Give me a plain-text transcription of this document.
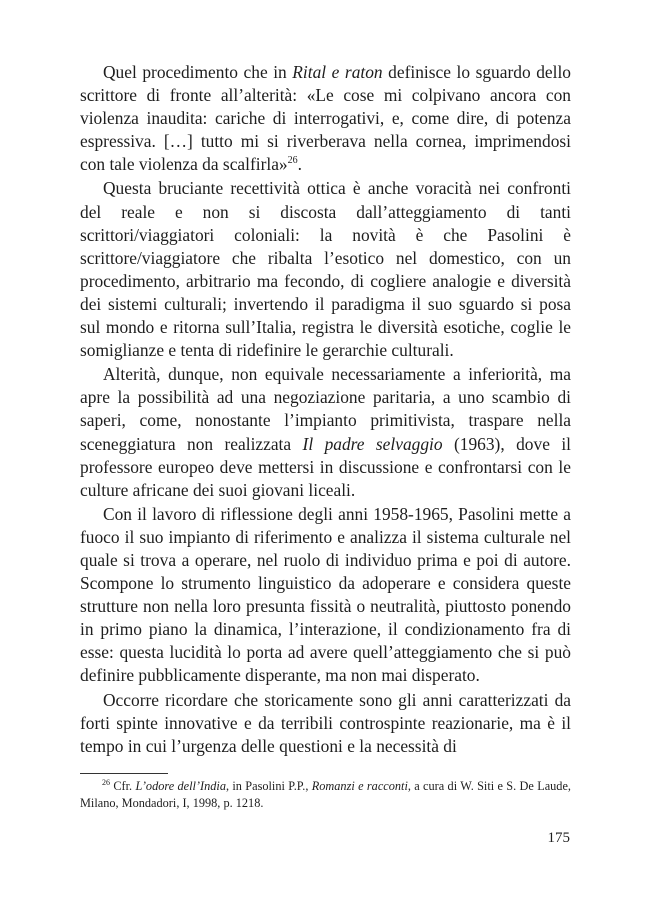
Quel procedimento che in Rital e raton definisce lo sguardo dello scrittore di fronte all’alterità: «Le cose mi colpivano ancora con violenza inaudita: cariche di interrogativi, e, come dire, di potenza espressiva. […] tutto mi si riverberava nella cornea, imprimendosi con tale violenza da scalfirla»$^{26}$.

Questa bruciante recettività ottica è anche voracità nei confronti del reale e non si discosta dall’atteggiamento di tanti scrittori/viaggiatori coloniali: la novità è che Pasolini è scrittore/viaggiatore che ribalta l’esotico nel domestico, con un procedimento, arbitrario ma fecondo, di cogliere analogie e diversità dei sistemi culturali; invertendo il paradigma il suo sguardo si posa sul mondo e ritorna sull’Italia, registra le diversità esotiche, coglie le somiglianze e tenta di ridefinire le gerarchie culturali.

Alterità, dunque, non equivale necessariamente a inferiorità, ma apre la possibilità ad una negoziazione paritaria, a uno scambio di saperi, come, nonostante l’impianto primitivista, traspare nella sceneggiatura non realizzata Il padre selvaggio (1963), dove il professore europeo deve mettersi in discussione e confrontarsi con le culture africane dei suoi giovani liceali.

Con il lavoro di riflessione degli anni 1958-1965, Pasolini mette a fuoco il suo impianto di riferimento e analizza il sistema culturale nel quale si trova a operare, nel ruolo di individuo prima e poi di autore. Scompone lo strumento linguistico da adoperare e considera queste strutture non nella loro presunta fissità o neutralità, piuttosto ponendo in primo piano la dinamica, l’interazione, il condizionamento fra di esse: questa lucidità lo porta ad avere quell’atteggiamento che si può definire pubblicamente disperante, ma non mai disperato.

Occorre ricordare che storicamente sono gli anni caratterizzati da forti spinte innovative e da terribili controspinte reazionarie, ma è il tempo in cui l’urgenza delle questioni e la necessità di

$^{26}$ Cfr. L’odore dell’India, in Pasolini P.P., Romanzi e racconti, a cura di W. Siti e S. De Laude, Milano, Mondadori, I, 1998, p. 1218.

175
